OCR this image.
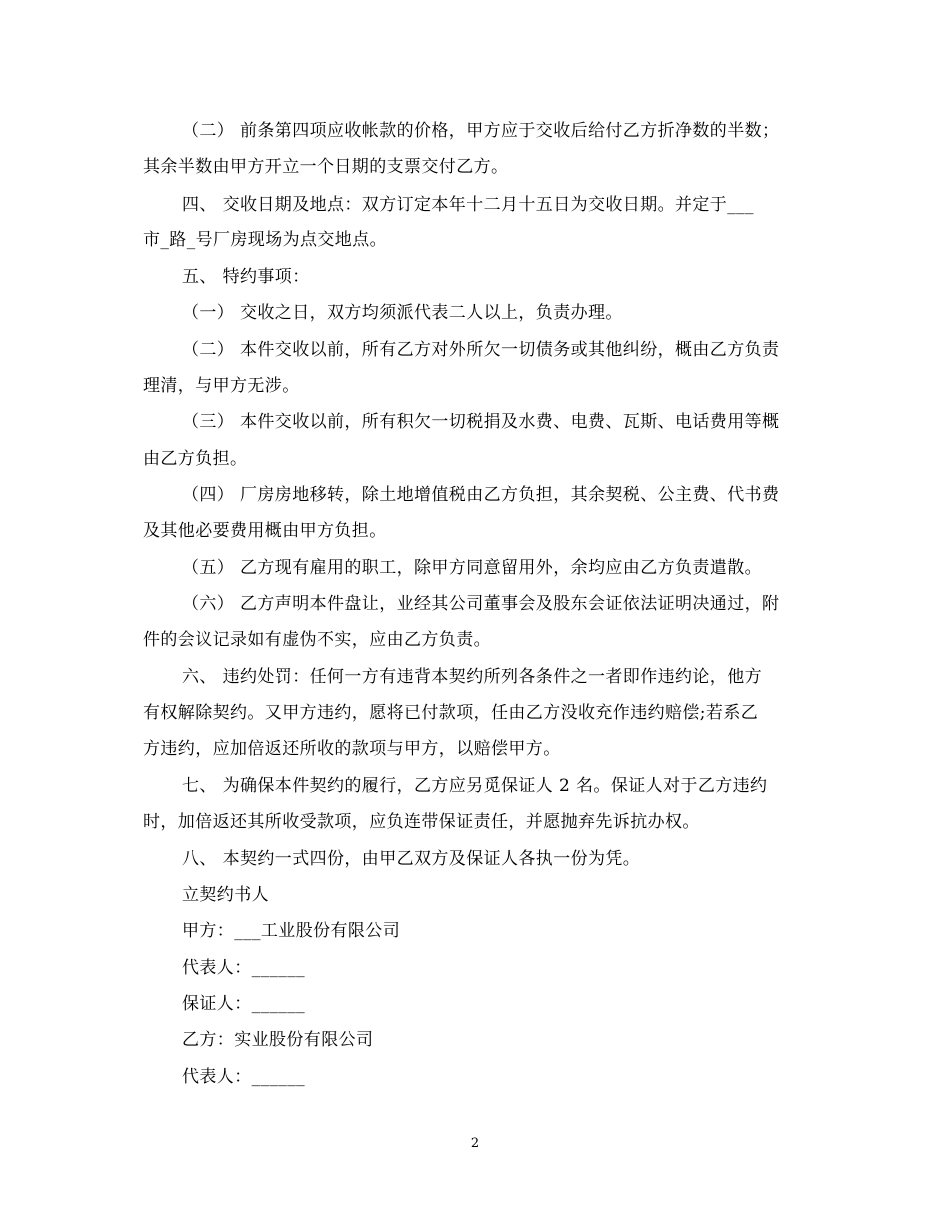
（二） 前条第四项应收帐款的价格，甲方应于交收后给付乙方折净数的半数；
其余半数由甲方开立一个日期的支票交付乙方。
四、 交收日期及地点：双方订定本年十二月十五日为交收日期。并定于___
市_路_号厂房现场为点交地点。
五、 特约事项：
（一） 交收之日，双方均须派代表二人以上，负责办理。
（二） 本件交收以前，所有乙方对外所欠一切债务或其他纠纷，概由乙方负责
理清，与甲方无涉。
（三） 本件交收以前，所有积欠一切税捐及水费、电费、瓦斯、电话费用等概
由乙方负担。
（四） 厂房房地移转，除土地增值税由乙方负担，其余契税、公主费、代书费
及其他必要费用概由甲方负担。
（五） 乙方现有雇用的职工，除甲方同意留用外，余均应由乙方负责遣散。
（六） 乙方声明本件盘让，业经其公司董事会及股东会证依法证明决通过，附
件的会议记录如有虚伪不实，应由乙方负责。
六、 违约处罚：任何一方有违背本契约所列各条件之一者即作违约论，他方
有权解除契约。又甲方违约，愿将已付款项，任由乙方没收充作违约赔偿;若系乙
方违约，应加倍返还所收的款项与甲方，以赔偿甲方。
七、 为确保本件契约的履行，乙方应另觅保证人 2 名。保证人对于乙方违约
时，加倍返还其所收受款项，应负连带保证责任，并愿抛弃先诉抗办权。
八、 本契约一式四份，由甲乙双方及保证人各执一份为凭。
立契约书人
甲方：___工业股份有限公司
代表人：______
保证人：______
乙方：实业股份有限公司
代表人：______
2
